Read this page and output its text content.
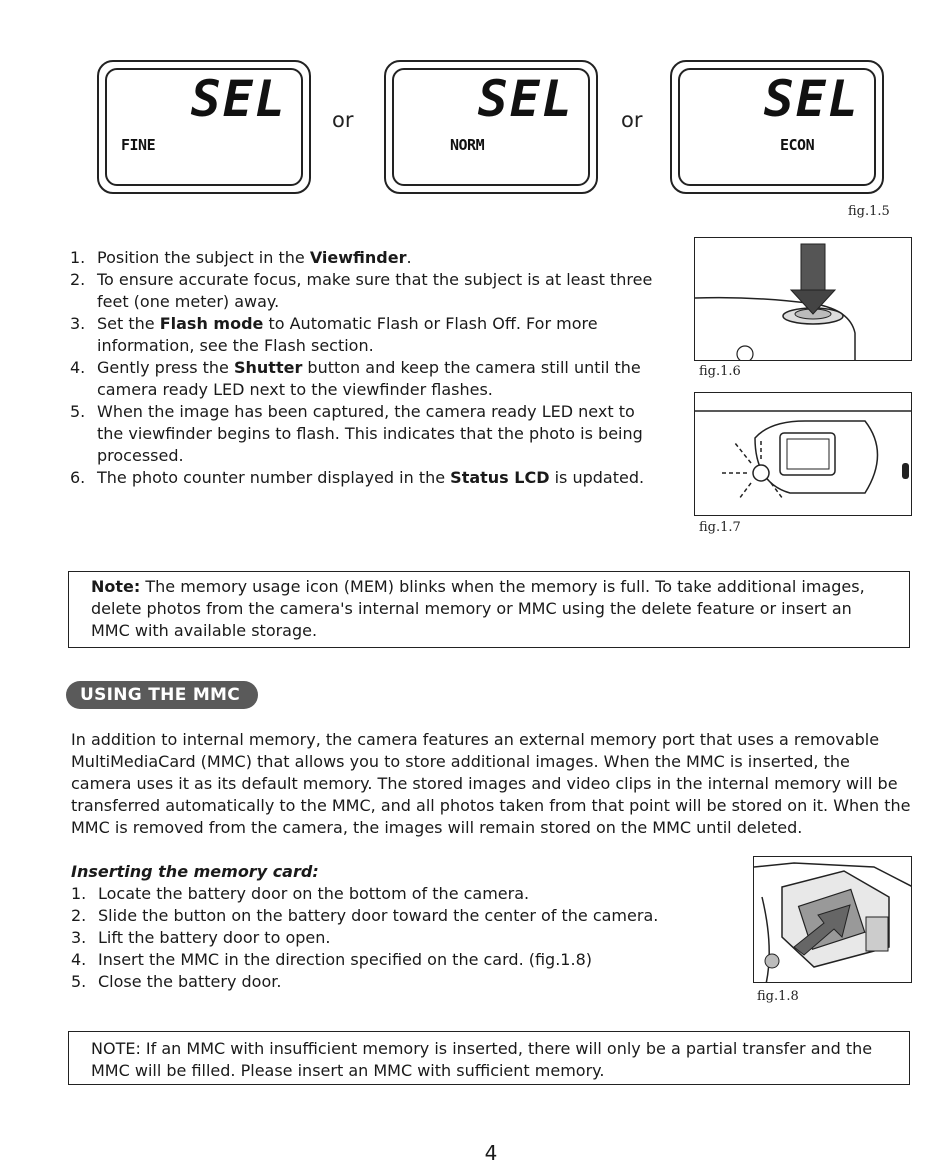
SEL
FINE
or SEL
NORM
or SEL
ECON
fig.1.5
1. Position the subject in the Viewfinder.
2. To ensure accurate focus, make sure that the subject is at least three feet (one meter) away.
3. Set the Flash mode to Automatic Flash or Flash Off. For more information, see the Flash section.
4. Gently press the Shutter button and keep the camera still until the camera ready LED next to the viewfinder flashes.
5. When the image has been captured, the camera ready LED next to the viewfinder begins to flash. This indicates that the photo is being processed.
6. The photo counter number displayed in the Status LCD is updated.
fig.1.6
fig.1.7
Note: The memory usage icon (MEM) blinks when the memory is full. To take additional images, delete photos from the camera's internal memory or MMC using the delete feature or insert an MMC with available storage.
USING THE MMC
In addition to internal memory, the camera features an external memory port that uses a removable MultiMediaCard (MMC) that allows you to store additional images. When the MMC is inserted, the camera uses it as its default memory. The stored images and video clips in the internal memory will be transferred automatically to the MMC, and all photos taken from that point will be stored on it. When the MMC is removed from the camera, the images will remain stored on the MMC until deleted.
Inserting the memory card:
1. Locate the battery door on the bottom of the camera.
2. Slide the button on the battery door toward the center of the camera.
3. Lift the battery door to open.
4. Insert the MMC in the direction specified on the card. (fig.1.8)
5. Close the battery door.
fig.1.8
NOTE: If an MMC with insufficient memory is inserted, there will only be a partial transfer and the MMC will be filled. Please insert an MMC with sufficient memory.
4
